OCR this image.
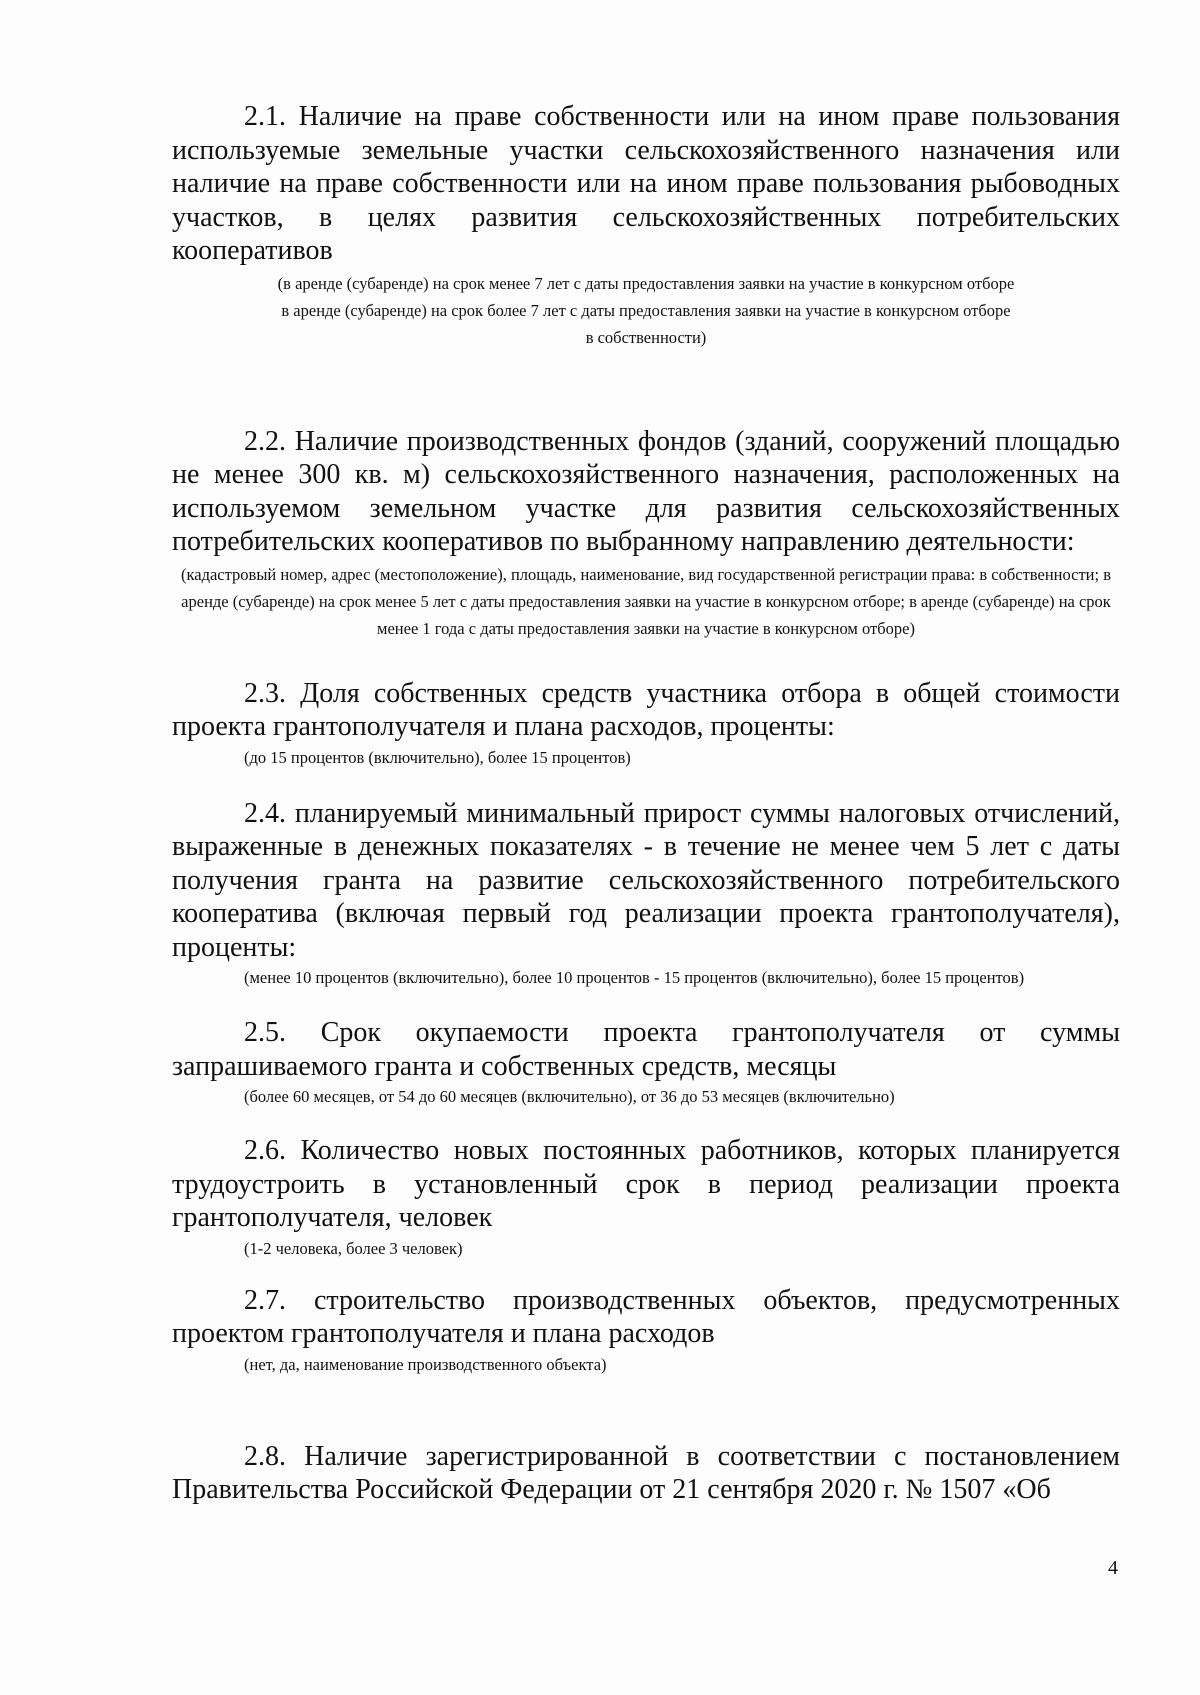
2.1. Наличие на праве собственности или на ином праве пользования используемые земельные участки сельскохозяйственного назначения или наличие на праве собственности или на ином праве пользования рыбоводных участков, в целях развития сельскохозяйственных потребительских кооперативов

(в аренде (субаренде) на срок менее 7 лет с даты предоставления заявки на участие в конкурсном отборе
в аренде (субаренде) на срок более 7 лет с даты предоставления заявки на участие в конкурсном отборе
в собственности)

2.2. Наличие производственных фондов (зданий, сооружений площадью не менее 300 кв. м) сельскохозяйственного назначения, расположенных на используемом земельном участке для развития сельскохозяйственных потребительских кооперативов по выбранному направлению деятельности:

(кадастровый номер, адрес (местоположение), площадь, наименование, вид государственной регистрации права: в собственности; в аренде (субаренде) на срок менее 5 лет с даты предоставления заявки на участие в конкурсном отборе; в аренде (субаренде) на срок менее 1 года с даты предоставления заявки на участие в конкурсном отборе)

2.3. Доля собственных средств участника отбора в общей стоимости проекта грантополучателя и плана расходов, проценты:

(до 15 процентов (включительно), более 15 процентов)

2.4. планируемый минимальный прирост суммы налоговых отчислений, выраженные в денежных показателях - в течение не менее чем 5 лет с даты получения гранта на развитие сельскохозяйственного потребительского кооператива (включая первый год реализации проекта грантополучателя), проценты:

(менее 10 процентов (включительно), более 10 процентов - 15 процентов (включительно), более 15 процентов)

2.5. Срок окупаемости проекта грантополучателя от суммы запрашиваемого гранта и собственных средств, месяцы

(более 60 месяцев, от 54 до 60 месяцев (включительно), от 36 до 53 месяцев (включительно)

2.6. Количество новых постоянных работников, которых планируется трудоустроить в установленный срок в период реализации проекта грантополучателя, человек

(1-2 человека, более 3 человек)

2.7. строительство производственных объектов, предусмотренных проектом грантополучателя и плана расходов

(нет, да, наименование производственного объекта)

2.8. Наличие зарегистрированной в соответствии с постановлением Правительства Российской Федерации от 21 сентября 2020 г. № 1507 «Об

4
